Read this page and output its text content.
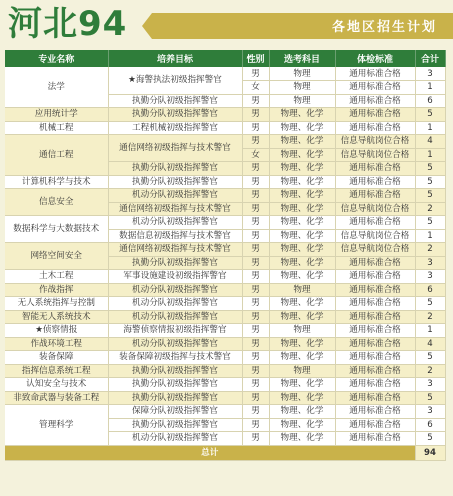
河北94	各地区招生计划
专业名称	培养目标	性别	选考科目	体检标准	合计
法学	★海警执法初级指挥警官	男	物理	通用标准合格	3
		女	物理	通用标准合格	1
	执勤分队初级指挥警官	男	物理	通用标准合格	6
应用统计学	执勤分队初级指挥警官	男	物理、化学	通用标准合格	5
机械工程	工程机械初级指挥警官	男	物理、化学	通用标准合格	1
通信工程	通信网络初级指挥与技术警官	男	物理、化学	信息导航岗位合格	4
		女	物理、化学	信息导航岗位合格	1
	执勤分队初级指挥警官	男	物理、化学	通用标准合格	5
计算机科学与技术	执勤分队初级指挥警官	男	物理、化学	通用标准合格	5
信息安全	机动分队初级指挥警官	男	物理、化学	通用标准合格	5
	通信网络初级指挥与技术警官	男	物理、化学	信息导航岗位合格	2
数据科学与大数据技术	机动分队初级指挥警官	男	物理、化学	通用标准合格	5
	数据信息初级指挥与技术警官	男	物理、化学	信息导航岗位合格	1
网络空间安全	通信网络初级指挥与技术警官	男	物理、化学	信息导航岗位合格	2
	执勤分队初级指挥警官	男	物理、化学	通用标准合格	3
土木工程	军事设施建设初级指挥警官	男	物理、化学	通用标准合格	3
作战指挥	机动分队初级指挥警官	男	物理	通用标准合格	6
无人系统指挥与控制	机动分队初级指挥警官	男	物理、化学	通用标准合格	5
智能无人系统技术	机动分队初级指挥警官	男	物理、化学	通用标准合格	2
★侦察情报	海警侦察情报初级指挥警官	男	物理	通用标准合格	1
作战环境工程	机动分队初级指挥警官	男	物理、化学	通用标准合格	4
装备保障	装备保障初级指挥与技术警官	男	物理、化学	通用标准合格	5
指挥信息系统工程	执勤分队初级指挥警官	男	物理	通用标准合格	2
认知安全与技术	执勤分队初级指挥警官	男	物理、化学	通用标准合格	3
非致命武器与装备工程	执勤分队初级指挥警官	男	物理、化学	通用标准合格	5
管理科学	保障分队初级指挥警官	男	物理、化学	通用标准合格	3
	执勤分队初级指挥警官	男	物理、化学	通用标准合格	6
	机动分队初级指挥警官	男	物理、化学	通用标准合格	5
总计					94
